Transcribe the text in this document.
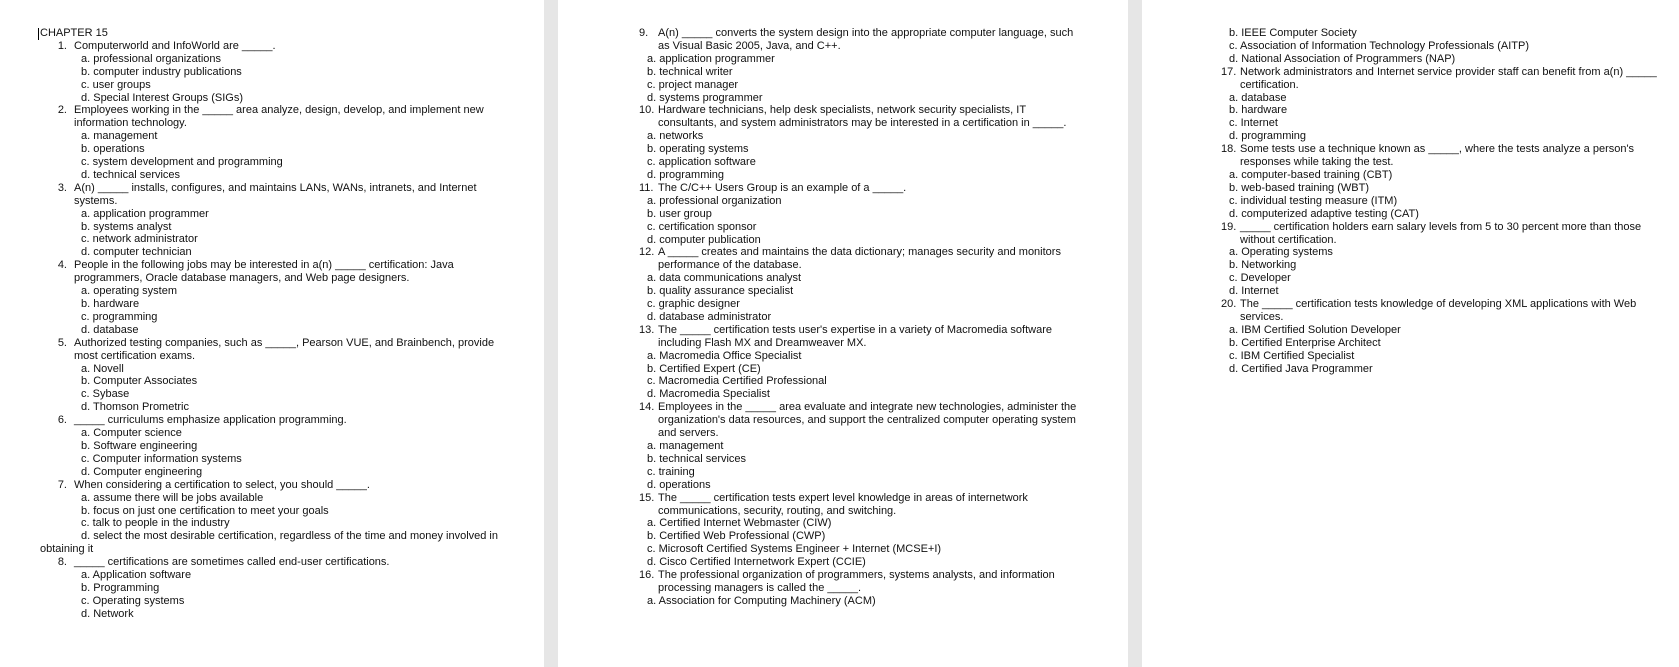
CHAPTER 15
1. Computerworld and InfoWorld are _____.
a. professional organizations
b. computer industry publications
c. user groups
d. Special Interest Groups (SIGs)
2. Employees working in the _____ area analyze, design, develop, and implement new information technology.
a. management
b. operations
c. system development and programming
d. technical services
3. A(n) _____ installs, configures, and maintains LANs, WANs, intranets, and Internet systems.
a. application programmer
b. systems analyst
c. network administrator
d. computer technician
4. People in the following jobs may be interested in a(n) _____ certification: Java programmers, Oracle database managers, and Web page designers.
a. operating system
b. hardware
c. programming
d. database
5. Authorized testing companies, such as _____, Pearson VUE, and Brainbench, provide most certification exams.
a. Novell
b. Computer Associates
c. Sybase
d. Thomson Prometric
6. _____ curriculums emphasize application programming.
a. Computer science
b. Software engineering
c. Computer information systems
d. Computer engineering
7. When considering a certification to select, you should _____.
a. assume there will be jobs available
b. focus on just one certification to meet your goals
c. talk to people in the industry
d. select the most desirable certification, regardless of the time and money involved in obtaining it
8. _____ certifications are sometimes called end-user certifications.
a. Application software
b. Programming
c. Operating systems
d. Network
9. A(n) _____ converts the system design into the appropriate computer language, such as Visual Basic 2005, Java, and C++.
a. application programmer
b. technical writer
c. project manager
d. systems programmer
10. Hardware technicians, help desk specialists, network security specialists, IT consultants, and system administrators may be interested in a certification in _____.
a. networks
b. operating systems
c. application software
d. programming
11. The C/C++ Users Group is an example of a _____.
a. professional organization
b. user group
c. certification sponsor
d. computer publication
12. A _____ creates and maintains the data dictionary; manages security and monitors performance of the database.
a. data communications analyst
b. quality assurance specialist
c. graphic designer
d. database administrator
13. The _____ certification tests user's expertise in a variety of Macromedia software including Flash MX and Dreamweaver MX.
a. Macromedia Office Specialist
b. Certified Expert (CE)
c. Macromedia Certified Professional
d. Macromedia Specialist
14. Employees in the _____ area evaluate and integrate new technologies, administer the organization's data resources, and support the centralized computer operating system and servers.
a. management
b. technical services
c. training
d. operations
15. The _____ certification tests expert level knowledge in areas of internetwork communications, security, routing, and switching.
a. Certified Internet Webmaster (CIW)
b. Certified Web Professional (CWP)
c. Microsoft Certified Systems Engineer + Internet (MCSE+I)
d. Cisco Certified Internetwork Expert (CCIE)
16. The professional organization of programmers, systems analysts, and information processing managers is called the _____.
a. Association for Computing Machinery (ACM)
b. IEEE Computer Society
c. Association of Information Technology Professionals (AITP)
d. National Association of Programmers (NAP)
17. Network administrators and Internet service provider staff can benefit from a(n) _____ certification.
a. database
b. hardware
c. Internet
d. programming
18. Some tests use a technique known as _____, where the tests analyze a person's responses while taking the test.
a. computer-based training (CBT)
b. web-based training (WBT)
c. individual testing measure (ITM)
d. computerized adaptive testing (CAT)
19. _____ certification holders earn salary levels from 5 to 30 percent more than those without certification.
a. Operating systems
b. Networking
c. Developer
d. Internet
20. The _____ certification tests knowledge of developing XML applications with Web services.
a. IBM Certified Solution Developer
b. Certified Enterprise Architect
c. IBM Certified Specialist
d. Certified Java Programmer
